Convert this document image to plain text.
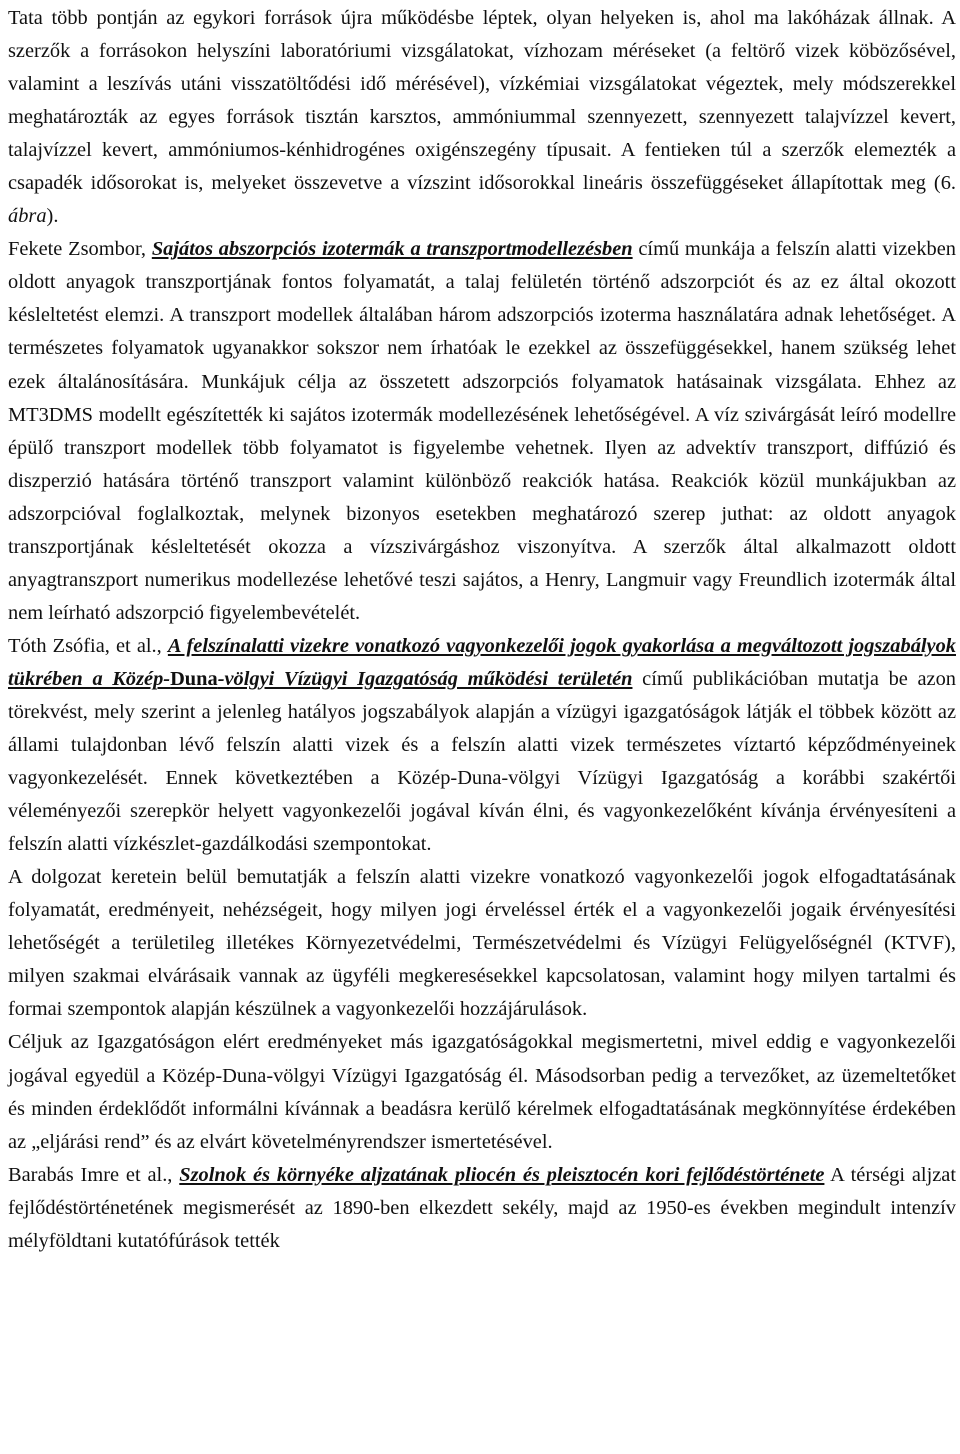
Tata több pontján az egykori források újra működésbe léptek, olyan helyeken is, ahol ma lakóházak állnak. A szerzők a forrásokon helyszíni laboratóriumi vizsgálatokat, vízhozam méréseket (a feltörő vizek köbözősével, valamint a leszívás utáni visszatöltődési idő mérésével), vízkémiai vizsgálatokat végeztek, mely módszerekkel meghatározták az egyes források tisztán karsztos, ammóniummal szennyezett, szennyezett talajvízzel kevert, talajvízzel kevert, ammóniumos-kénhidrogénes oxigénszegény típusait. A fentieken túl a szerzők elemezték a csapadék idősorokat is, melyeket összevetve a vízszint idősorokkal lineáris összefüggéseket állapítottak meg (6. ábra).

Fekete Zsombor, Sajátos abszorpciós izotermák a transzportmodellezésben című munkája a felszín alatti vizekben oldott anyagok transzportjának fontos folyamatát, a talaj felületén történő adszorpciót és az ez által okozott késleltetést elemzi. A transzport modellek általában három adszorpciós izoterma használatára adnak lehetőséget. A természetes folyamatok ugyanakkor sokszor nem írhatóak le ezekkel az összefüggésekkel, hanem szükség lehet ezek általánosítására. Munkájuk célja az összetett adszorpciós folyamatok hatásainak vizsgálata. Ehhez az MT3DMS modellt egészítették ki sajátos izotermák modellezésének lehetőségével. A víz szivárgását leíró modellre épülő transzport modellek több folyamatot is figyelembe vehetnek. Ilyen az advektív transzport, diffúzió és diszperzió hatására történő transzport valamint különböző reakciók hatása. Reakciók közül munkájukban az adszorpcióval foglalkoztak, melynek bizonyos esetekben meghatározó szerep juthat: az oldott anyagok transzportjának késleltetését okozza a vízszivárgáshoz viszonyítva. A szerzők által alkalmazott oldott anyagtranszport numerikus modellezése lehetővé teszi sajátos, a Henry, Langmuir vagy Freundlich izotermák által nem leírható adszorpció figyelembevételét.

Tóth Zsófia, et al., A felszínalatti vizekre vonatkozó vagyonkezelői jogok gyakorlása a megváltozott jogszabályok tükrében a Közép-Duna-völgyi Vízügyi Igazgatóság működési területén című publikációban mutatja be azon törekvést, mely szerint a jelenleg hatályos jogszabályok alapján a vízügyi igazgatóságok látják el többek között az állami tulajdonban lévő felszín alatti vizek és a felszín alatti vizek természetes víztartó képződményeinek vagyonkezelését. Ennek következtében a Közép-Duna-völgyi Vízügyi Igazgatóság a korábbi szakértői véleményezői szerepkör helyett vagyonkezelői jogával kíván élni, és vagyonkezelőként kívánja érvényesíteni a felszín alatti vízkészlet-gazdálkodási szempontokat.

A dolgozat keretein belül bemutatják a felszín alatti vizekre vonatkozó vagyonkezelői jogok elfogadtatásának folyamatát, eredményeit, nehézségeit, hogy milyen jogi érveléssel érték el a vagyonkezelői jogaik érvényesítési lehetőségét a területileg illetékes Környezetvédelmi, Természetvédelmi és Vízügyi Felügyelőségnél (KTVF), milyen szakmai elvárásaik vannak az ügyféli megkeresésekkel kapcsolatosan, valamint hogy milyen tartalmi és formai szempontok alapján készülnek a vagyonkezelői hozzájárulások.

Céljuk az Igazgatóságon elért eredményeket más igazgatóságokkal megismertetni, mivel eddig e vagyonkezelői jogával egyedül a Közép-Duna-völgyi Vízügyi Igazgatóság él. Másodsorban pedig a tervezőket, az üzemeltetőket és minden érdeklődőt informálni kívánnak a beadásra kerülő kérelmek elfogadtatásának megkönnyítése érdekében az „eljárási rend” és az elvárt követelményrendszer ismertetésével.

Barabás Imre et al., Szolnok és környéke aljzatának pliocén és pleisztocén kori fejlődéstörténete A térségi aljzat fejlődéstörténetének megismerését az 1890-ben elkezdett sekély, majd az 1950-es években megindult intenzív mélyföldtani kutatófúrások tették
